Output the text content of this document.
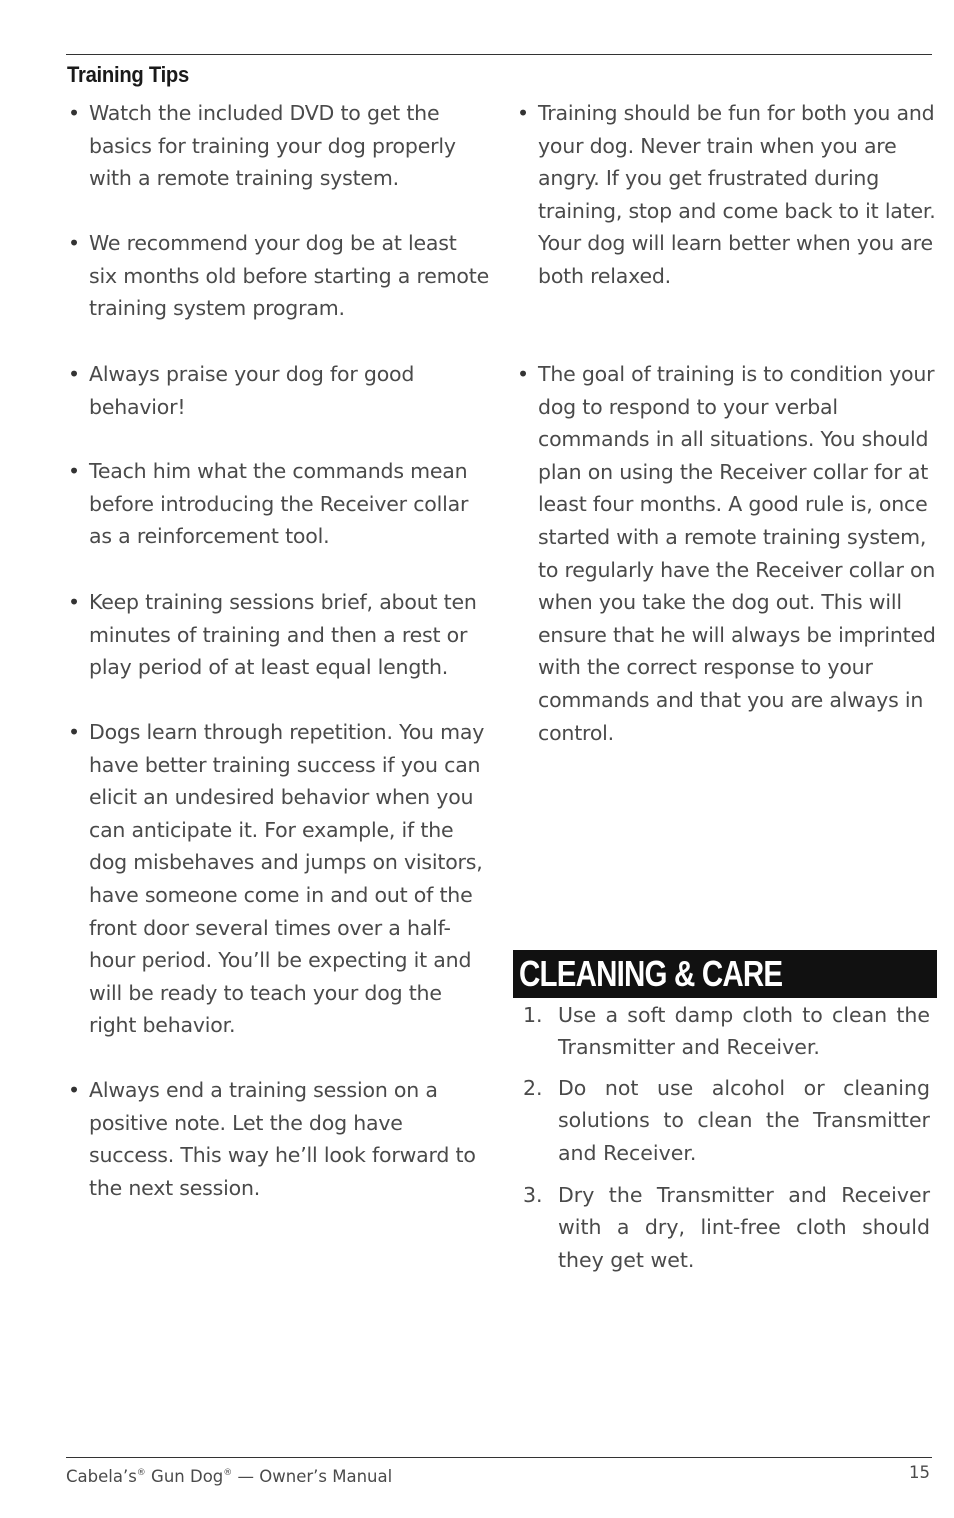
Training Tips
• Watch the included DVD to get the basics for training your dog properly with a remote training system.
• We recommend your dog be at least six months old before starting a remote training system program.
• Always praise your dog for good behavior!
• Teach him what the commands mean before introducing the Receiver collar as a reinforcement tool.
• Keep training sessions brief, about ten minutes of training and then a rest or play period of at least equal length.
• Dogs learn through repetition. You may have better training success if you can elicit an undesired behavior when you can anticipate it. For example, if the dog misbehaves and jumps on visitors, have someone come in and out of the front door several times over a half-hour period. You’ll be expecting it and will be ready to teach your dog the right behavior.
• Always end a training session on a positive note. Let the dog have success. This way he’ll look forward to the next session.
• Training should be fun for both you and your dog. Never train when you are angry. If you get frustrated during training, stop and come back to it later. Your dog will learn better when you are both relaxed.
• The goal of training is to condition your dog to respond to your verbal commands in all situations. You should plan on using the Receiver collar for at least four months. A good rule is, once started with a remote training system, to regularly have the Receiver collar on when you take the dog out. This will ensure that he will always be imprinted with the correct response to your commands and that you are always in control.
CLEANING & CARE
1. Use a soft damp cloth to clean the Transmitter and Receiver.
2. Do not use alcohol or cleaning solutions to clean the Transmitter and Receiver.
3. Dry the Transmitter and Receiver with a dry, lint-free cloth should they get wet.
Cabela’s® Gun Dog® — Owner’s Manual	15
